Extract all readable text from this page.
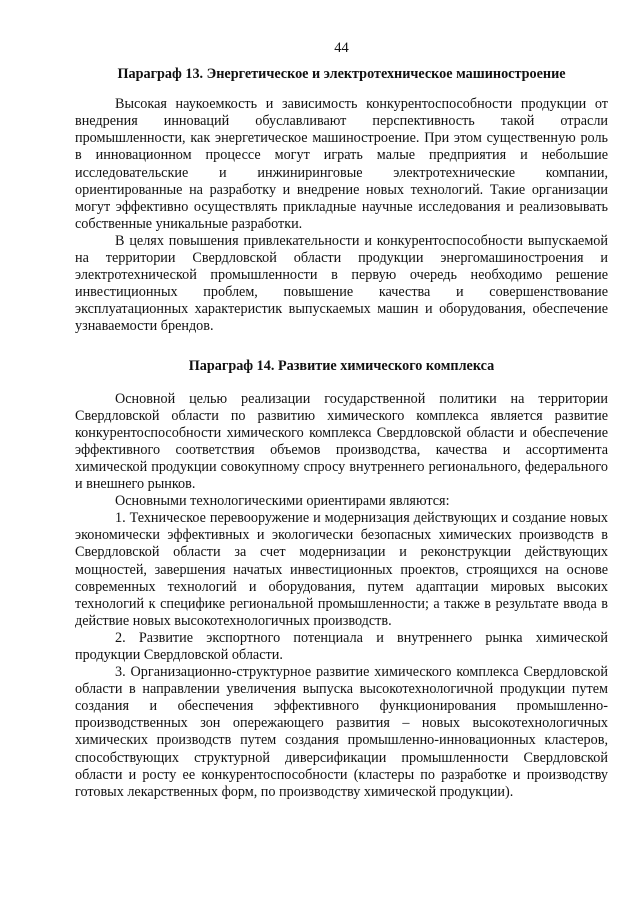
44
Параграф 13. Энергетическое и электротехническое машиностроение

Высокая наукоемкость и зависимость конкурентоспособности продукции от внедрения инноваций обуславливают перспективность такой отрасли промышленности, как энергетическое машиностроение. При этом существенную роль в инновационном процессе могут играть малые предприятия и небольшие исследовательские и инжиниринговые электротехнические компании, ориентированные на разработку и внедрение новых технологий. Такие организации могут эффективно осуществлять прикладные научные исследования и реализовывать собственные уникальные разработки.

В целях повышения привлекательности и конкурентоспособности выпускаемой на территории Свердловской области продукции энергомашиностроения и электротехнической промышленности в первую очередь необходимо решение инвестиционных проблем, повышение качества и совершенствование эксплуатационных характеристик выпускаемых машин и оборудования, обеспечение узнаваемости брендов.

Параграф 14. Развитие химического комплекса

Основной целью реализации государственной политики на территории Свердловской области по развитию химического комплекса является развитие конкурентоспособности химического комплекса Свердловской области и обеспечение эффективного соответствия объемов производства, качества и ассортимента химической продукции совокупному спросу внутреннего регионального, федерального и внешнего рынков.

Основными технологическими ориентирами являются:

1. Техническое перевооружение и модернизация действующих и создание новых экономически эффективных и экологически безопасных химических производств в Свердловской области за счет модернизации и реконструкции действующих мощностей, завершения начатых инвестиционных проектов, строящихся на основе современных технологий и оборудования, путем адаптации мировых высоких технологий к специфике региональной промышленности; а также в результате ввода в действие новых высокотехнологичных производств.

2. Развитие экспортного потенциала и внутреннего рынка химической продукции Свердловской области.

3. Организационно-структурное развитие химического комплекса Свердловской области в направлении увеличения выпуска высокотехнологичной продукции путем создания и обеспечения эффективного функционирования промышленно-производственных зон опережающего развития – новых высокотехнологичных химических производств путем создания промышленно-инновационных кластеров, способствующих структурной диверсификации промышленности Свердловской области и росту ее конкурентоспособности (кластеры по разработке и производству готовых лекарственных форм, по производству химической продукции).
